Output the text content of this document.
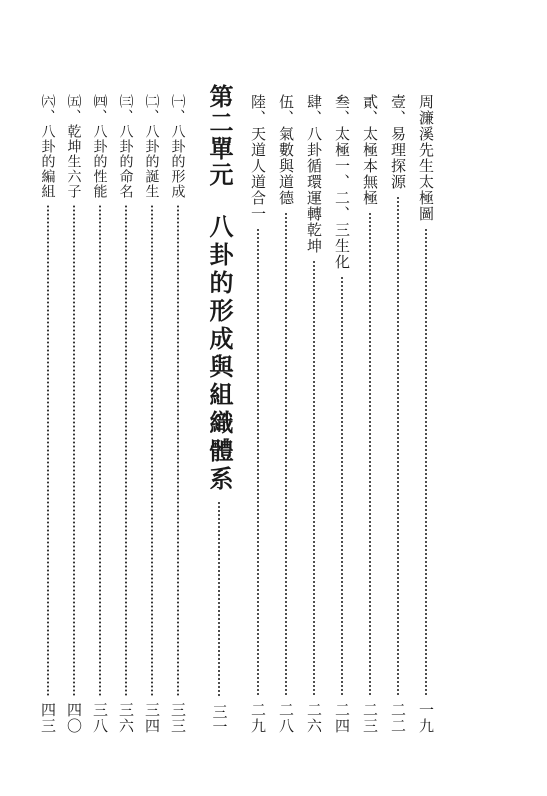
周濂溪先生太極圖
一九
壹、易理探源
二二
貳、太極本無極
二三
叁、太極一、二、三生化
二四
肆、八卦循環運轉乾坤
二六
伍、氣數與道德
二八
陸、天道人道合一
二九
第二單元
八卦的形成與組織體系
三一
㈠、八卦的形成
三三
㈡、八卦的誕生
三四
㈢、八卦的命名
三六
㈣、八卦的性能
三八
㈤、乾坤生六子
四〇
㈥、八卦的編組
四三
